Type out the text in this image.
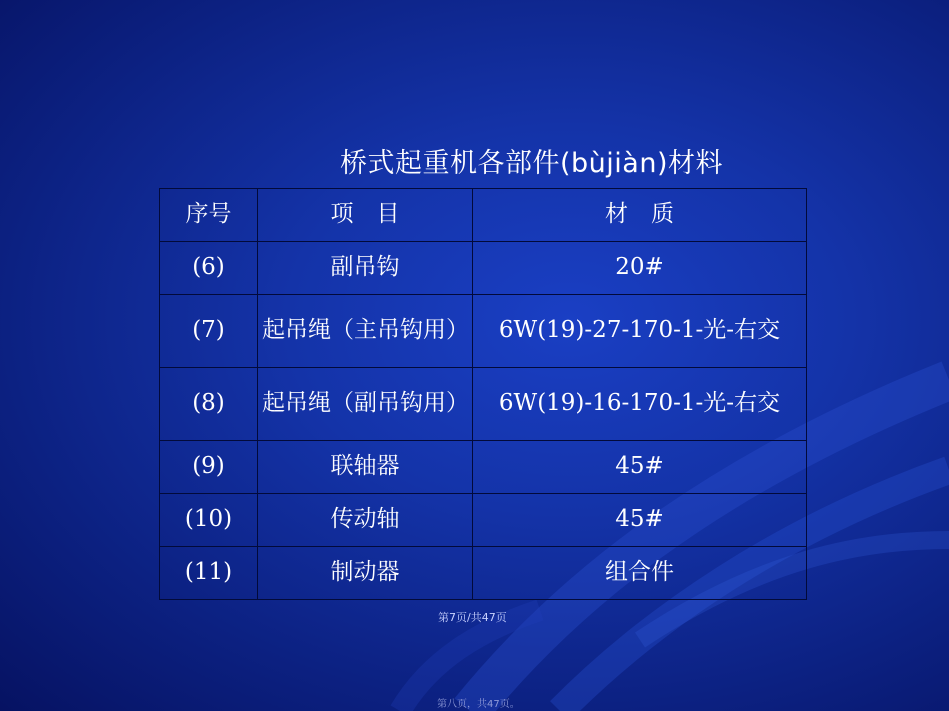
桥式起重机各部件(bùjiàn)材料
序号	项　目	材　质
(6)	副吊钩	20#
(7)	起吊绳（主吊钩用）	6W(19)-27-170-1-光-右交
(8)	起吊绳（副吊钩用）	6W(19)-16-170-1-光-右交
(9)	联轴器	45#
(10)	传动轴	45#
(11)	制动器	组合件
第7页/共47页
第八页，共47页。
